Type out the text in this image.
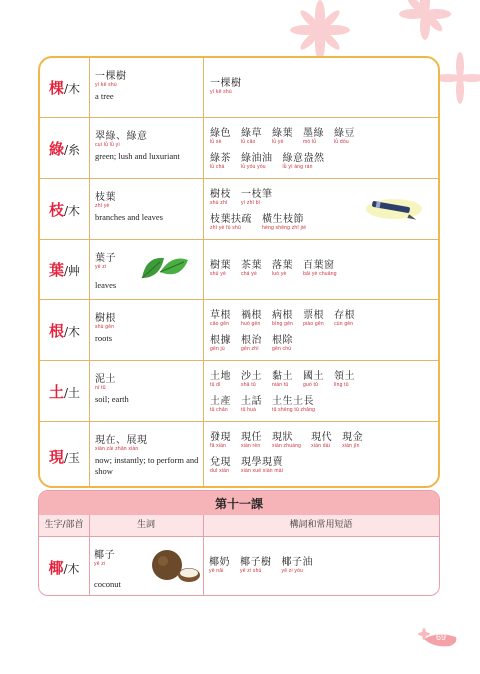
棵/木
一棵樹
yì kē shù
a tree
一棵樹
yì kē shù
綠/糸
翠綠、綠意
cuì lǜ lǜ yì
green; lush and luxuriant
綠色
lǜ sè
綠草
lǜ cǎo
綠葉
lǜ yè
墨綠
mò lǜ
綠豆
lǜ dòu
綠茶
lǜ chá
綠油油
lǜ yóu yóu
綠意盎然
lǜ yì àng rán
枝/木
枝葉
zhī yè
branches and leaves
樹枝
shù zhī
一枝筆
yì zhī bǐ
枝葉扶疏
zhī yè fú shū
橫生枝節
héng shēng zhī jié
葉/艸
葉子
yè zi
leaves
樹葉
shù yè
茶葉
chá yè
落葉
luò yè
百葉窗
bǎi yè chuāng
根/木
樹根
shù gēn
roots
草根
cǎo gēn
禍根
huò gēn
病根
bìng gēn
票根
piào gēn
存根
cún gēn
根據
gēn jù
根治
gēn zhì
根除
gēn chú
土/土
泥土
ní tǔ
soil; earth
土地
tǔ dì
沙土
shā tǔ
黏土
nián tǔ
國土
guó tǔ
領土
lǐng tǔ
土產
tǔ chǎn
土話
tǔ huà
土生土長
tǔ shēng tǔ zhǎng
現/玉
現在、展現
xiàn zài zhǎn xiàn
now; instantly; to perform and show
發現
fā xiàn
現任
xiàn rèn
現狀
xiàn zhuàng
現代
xiàn dài
現金
xiàn jīn
兌現
duì xiàn
現學現賣
xiàn xué xiàn mài
第十一課
生字/部首	生詞	構詞和常用短語
椰/木
椰子
yē zi
coconut
椰奶
yē nǎi
椰子樹
yē zi shù
椰子油
yē zi yóu
69
